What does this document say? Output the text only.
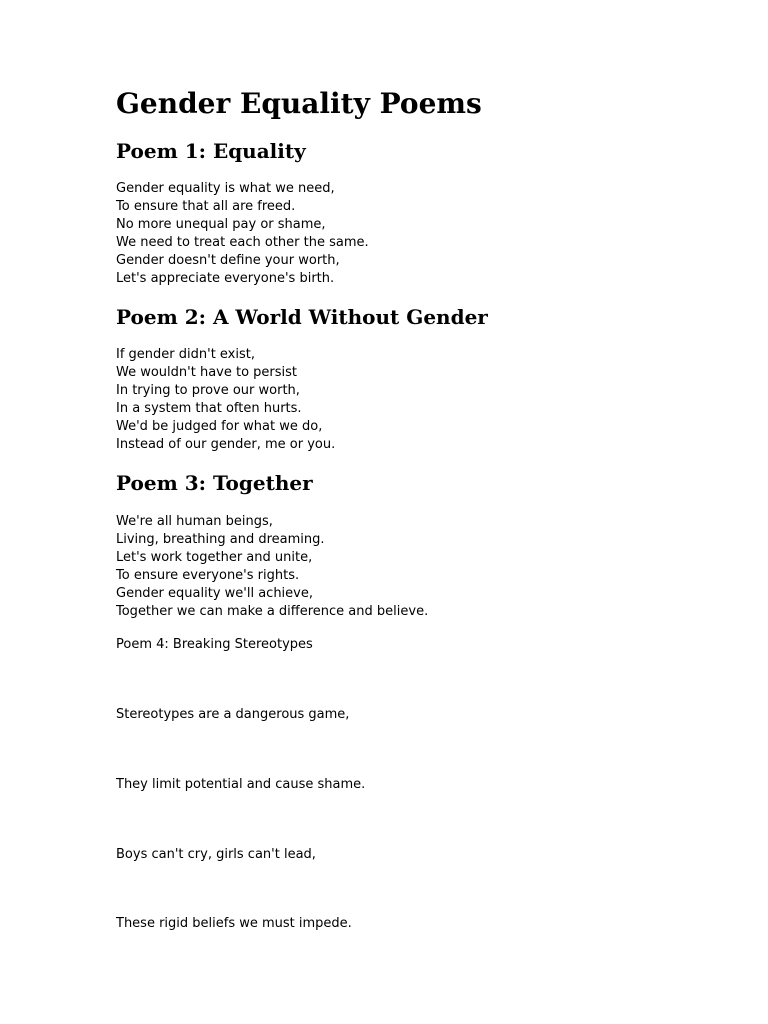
Gender Equality Poems
Poem 1: Equality
Gender equality is what we need,
To ensure that all are freed.
No more unequal pay or shame,
We need to treat each other the same.
Gender doesn't define your worth,
Let's appreciate everyone's birth.
Poem 2: A World Without Gender
If gender didn't exist,
We wouldn't have to persist
In trying to prove our worth,
In a system that often hurts.
We'd be judged for what we do,
Instead of our gender, me or you.
Poem 3: Together
We're all human beings,
Living, breathing and dreaming.
Let's work together and unite,
To ensure everyone's rights.
Gender equality we'll achieve,
Together we can make a difference and believe.

Poem 4: Breaking Stereotypes

Stereotypes are a dangerous game,

They limit potential and cause shame.

Boys can't cry, girls can't lead,

These rigid beliefs we must impede.
